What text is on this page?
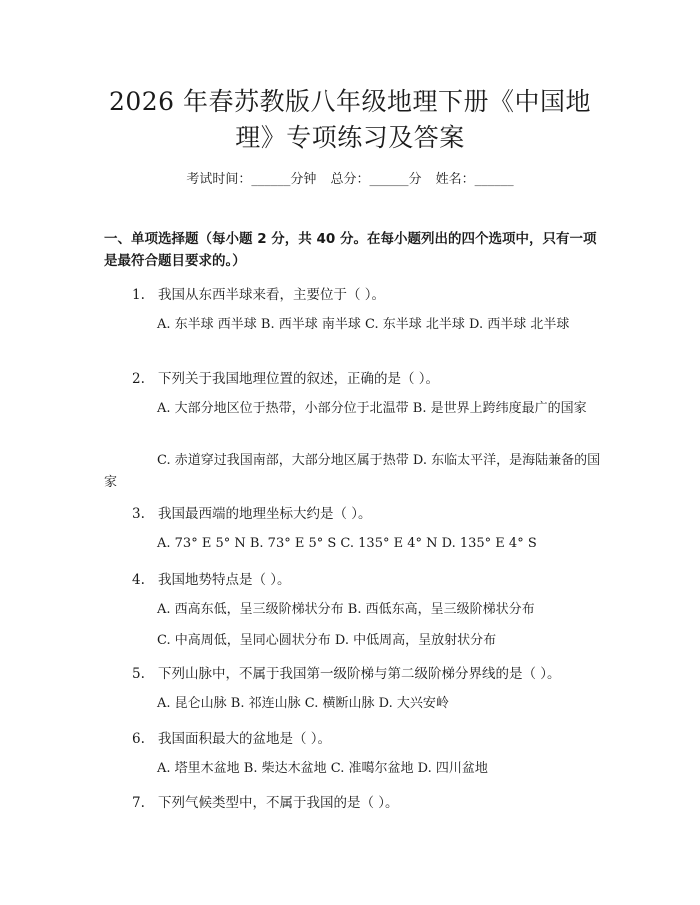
2026 年春苏教版八年级地理下册《中国地
理》专项练习及答案
考试时间：______分钟 总分：______分 姓名：______
一、单项选择题（每小题 2 分，共 40 分。在每小题列出的四个选项中，只有一项是最符合题目要求的。）
1. 我国从东西半球来看，主要位于（ ）。
A. 东半球 西半球 B. 西半球 南半球 C. 东半球 北半球 D. 西半球 北半球
2. 下列关于我国地理位置的叙述，正确的是（ ）。
A. 大部分地区位于热带，小部分位于北温带 B. 是世界上跨纬度最广的国家
C. 赤道穿过我国南部，大部分地区属于热带 D. 东临太平洋，是海陆兼备的国家
3. 我国最西端的地理坐标大约是（ ）。
A. 73° E 5° N B. 73° E 5° S C. 135° E 4° N D. 135° E 4° S
4. 我国地势特点是（ ）。
A. 西高东低，呈三级阶梯状分布 B. 西低东高，呈三级阶梯状分布
C. 中高周低，呈同心圆状分布 D. 中低周高，呈放射状分布
5. 下列山脉中，不属于我国第一级阶梯与第二级阶梯分界线的是（ ）。
A. 昆仑山脉 B. 祁连山脉 C. 横断山脉 D. 大兴安岭
6. 我国面积最大的盆地是（ ）。
A. 塔里木盆地 B. 柴达木盆地 C. 准噶尔盆地 D. 四川盆地
7. 下列气候类型中，不属于我国的是（ ）。
